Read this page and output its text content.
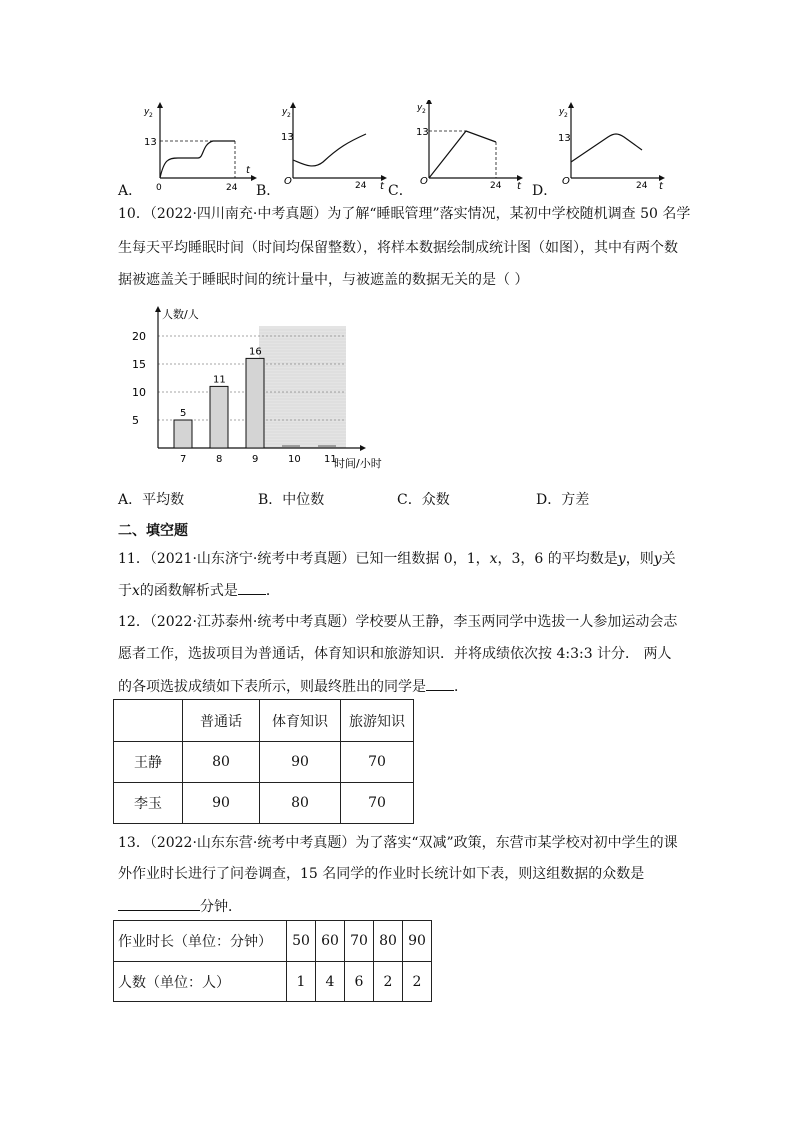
A．
y 2
13
0	24
t
B．
y 2
13
O	24 t C．
y 2
13
O	24 t D．
y 2
13
O	24 t
10．（2022·四川南充·中考真题）为了解“睡眠管理”落实情况，某初中学校随机调查 50 名学
生每天平均睡眠时间（时间均保留整数），将样本数据绘制成统计图（如图），其中有两个数
据被遮盖关于睡眠时间的统计量中，与被遮盖的数据无关的是（ ）
5
10
15
20
人数/人
时间/小时
7
5
8
11
9
16
10 11
A．平均数	B．中位数	C．众数	D．方差
二、填空题
11．（2021·山东济宁·统考中考真题）已知一组数据 0，1，x，3，6 的平均数是y，则y关
于x的函数解析式是 ．
12．（2022·江苏泰州·统考中考真题）学校要从王静，李玉两同学中选拔一人参加运动会志
愿者工作，选拔项目为普通话，体育知识和旅游知识．并将成绩依次按 4:3:3 计分． 两人
的各项选拔成绩如下表所示，则最终胜出的同学是 ．
	普通话	体育知识	旅游知识
王静	80	90	70
李玉	90	80	70
13．（2022·山东东营·统考中考真题）为了落实“双减”政策，东营市某学校对初中学生的课
外作业时长进行了问卷调查，15 名同学的作业时长统计如下表，则这组数据的众数是
分钟．
作业时长（单位：分钟）	50	60	70	80	90
人数（单位：人）	1	4	6	2	2
